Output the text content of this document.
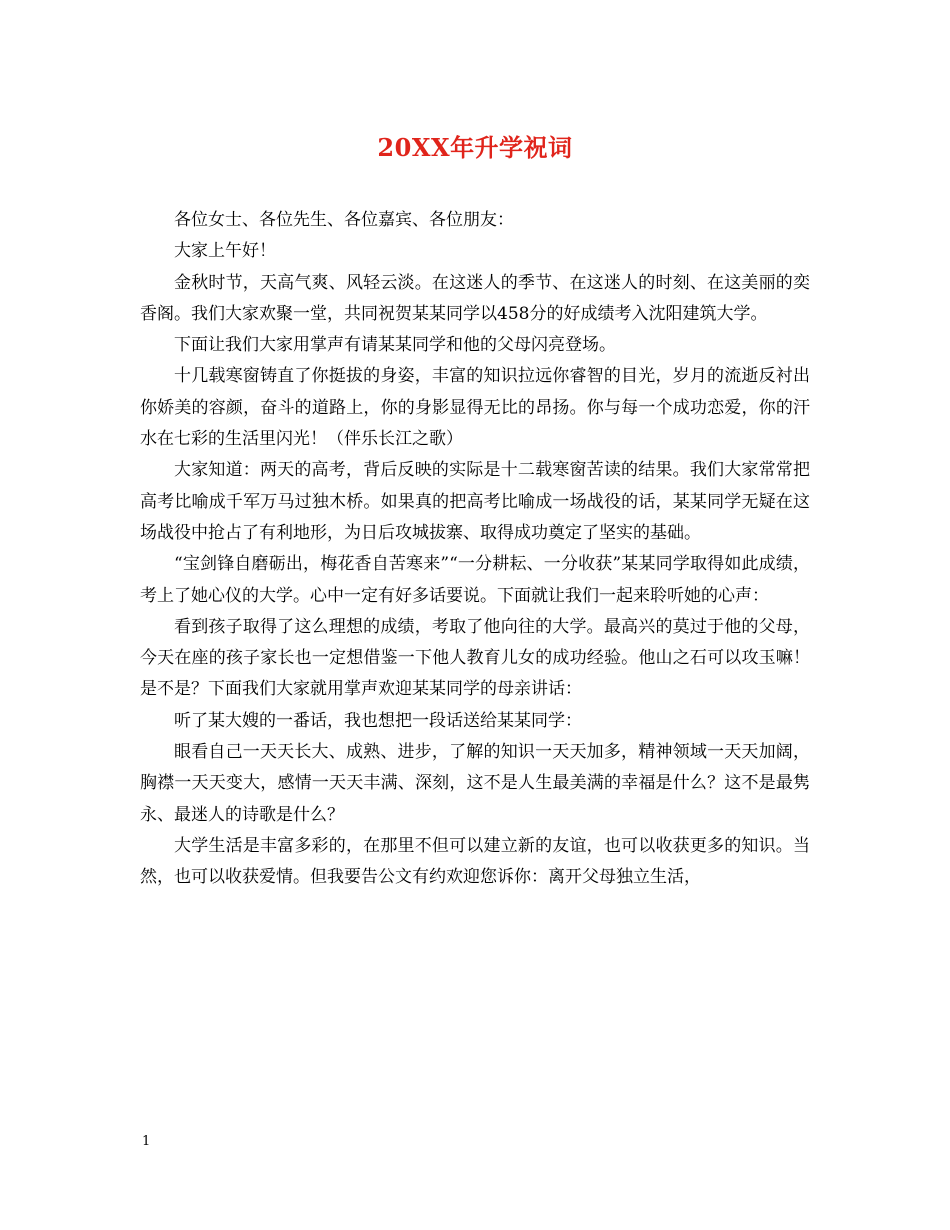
20XX年升学祝词

各位女士、各位先生、各位嘉宾、各位朋友：

大家上午好！

金秋时节，天高气爽、风轻云淡。在这迷人的季节、在这迷人的时刻、在这美丽的奕香阁。我们大家欢聚一堂，共同祝贺某某同学以458分的好成绩考入沈阳建筑大学。

下面让我们大家用掌声有请某某同学和他的父母闪亮登场。

十几载寒窗铸直了你挺拔的身姿，丰富的知识拉远你睿智的目光，岁月的流逝反衬出你娇美的容颜，奋斗的道路上，你的身影显得无比的昂扬。你与每一个成功恋爱，你的汗水在七彩的生活里闪光！（伴乐长江之歌）

大家知道：两天的高考，背后反映的实际是十二载寒窗苦读的结果。我们大家常常把高考比喻成千军万马过独木桥。如果真的把高考比喻成一场战役的话，某某同学无疑在这场战役中抢占了有利地形，为日后攻城拔寨、取得成功奠定了坚实的基础。

“宝剑锋自磨砺出，梅花香自苦寒来”“一分耕耘、一分收获”某某同学取得如此成绩，考上了她心仪的大学。心中一定有好多话要说。下面就让我们一起来聆听她的心声：

看到孩子取得了这么理想的成绩，考取了他向往的大学。最高兴的莫过于他的父母，今天在座的孩子家长也一定想借鉴一下他人教育儿女的成功经验。他山之石可以攻玉嘛！是不是？下面我们大家就用掌声欢迎某某同学的母亲讲话：

听了某大嫂的一番话，我也想把一段话送给某某同学：

眼看自己一天天长大、成熟、进步，了解的知识一天天加多，精神领域一天天加阔，胸襟一天天变大，感情一天天丰满、深刻，这不是人生最美满的幸福是什么？这不是最隽永、最迷人的诗歌是什么？

大学生活是丰富多彩的，在那里不但可以建立新的友谊，也可以收获更多的知识。当然，也可以收获爱情。但我要告公文有约欢迎您诉你：离开父母独立生活，

1
